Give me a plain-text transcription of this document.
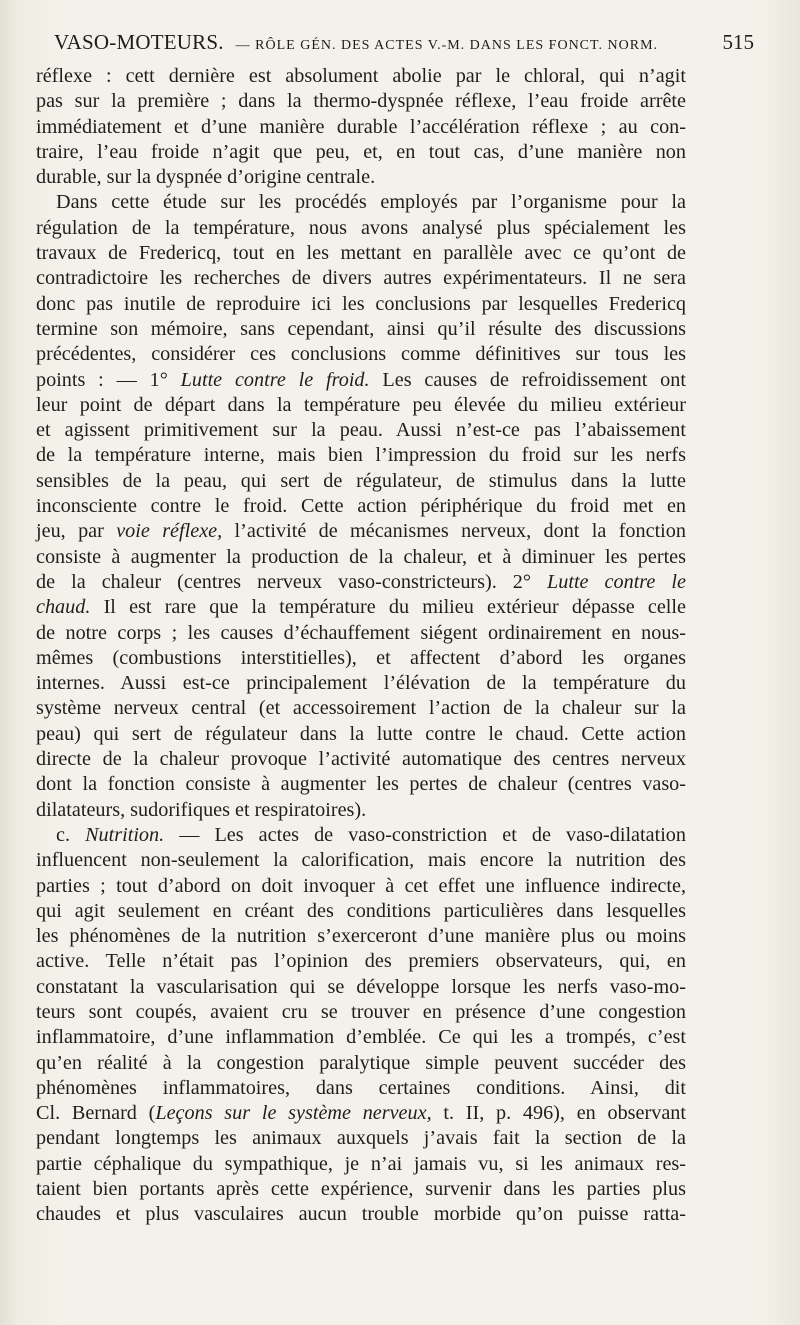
VASO-MOTEURS. — RÔLE GÉN. DES ACTES V.-M. DANS LES FONCT. NORM.	515
réflexe : cett dernière est absolument abolie par le chloral, qui n’agit
pas sur la première ; dans la thermo-dyspnée réflexe, l’eau froide arrête
immédiatement et d’une manière durable l’accélération réflexe ; au con-
traire, l’eau froide n’agit que peu, et, en tout cas, d’une manière non
durable, sur la dyspnée d’origine centrale.
Dans cette étude sur les procédés employés par l’organisme pour la
régulation de la température, nous avons analysé plus spécialement les
travaux de Fredericq, tout en les mettant en parallèle avec ce qu’ont de
contradictoire les recherches de divers autres expérimentateurs. Il ne sera
donc pas inutile de reproduire ici les conclusions par lesquelles Fredericq
termine son mémoire, sans cependant, ainsi qu’il résulte des discussions
précédentes, considérer ces conclusions comme définitives sur tous les
points : — 1° Lutte contre le froid. Les causes de refroidissement ont
leur point de départ dans la température peu élevée du milieu extérieur
et agissent primitivement sur la peau. Aussi n’est-ce pas l’abaissement
de la température interne, mais bien l’impression du froid sur les nerfs
sensibles de la peau, qui sert de régulateur, de stimulus dans la lutte
inconsciente contre le froid. Cette action périphérique du froid met en
jeu, par voie réflexe, l’activité de mécanismes nerveux, dont la fonction
consiste à augmenter la production de la chaleur, et à diminuer les pertes
de la chaleur (centres nerveux vaso-constricteurs). 2° Lutte contre le
chaud. Il est rare que la température du milieu extérieur dépasse celle
de notre corps ; les causes d’échauffement siégent ordinairement en nous-
mêmes (combustions interstitielles), et affectent d’abord les organes
internes. Aussi est-ce principalement l’élévation de la température du
système nerveux central (et accessoirement l’action de la chaleur sur la
peau) qui sert de régulateur dans la lutte contre le chaud. Cette action
directe de la chaleur provoque l’activité automatique des centres nerveux
dont la fonction consiste à augmenter les pertes de chaleur (centres vaso-
dilatateurs, sudorifiques et respiratoires).
c. Nutrition. — Les actes de vaso-constriction et de vaso-dilatation
influencent non-seulement la calorification, mais encore la nutrition des
parties ; tout d’abord on doit invoquer à cet effet une influence indirecte,
qui agit seulement en créant des conditions particulières dans lesquelles
les phénomènes de la nutrition s’exerceront d’une manière plus ou moins
active. Telle n’était pas l’opinion des premiers observateurs, qui, en
constatant la vascularisation qui se développe lorsque les nerfs vaso-mo-
teurs sont coupés, avaient cru se trouver en présence d’une congestion
inflammatoire, d’une inflammation d’emblée. Ce qui les a trompés, c’est
qu’en réalité à la congestion paralytique simple peuvent succéder des
phénomènes inflammatoires, dans certaines conditions. Ainsi, dit
Cl. Bernard (Leçons sur le système nerveux, t. II, p. 496), en observant
pendant longtemps les animaux auxquels j’avais fait la section de la
partie céphalique du sympathique, je n’ai jamais vu, si les animaux res-
taient bien portants après cette expérience, survenir dans les parties plus
chaudes et plus vasculaires aucun trouble morbide qu’on puisse ratta-
